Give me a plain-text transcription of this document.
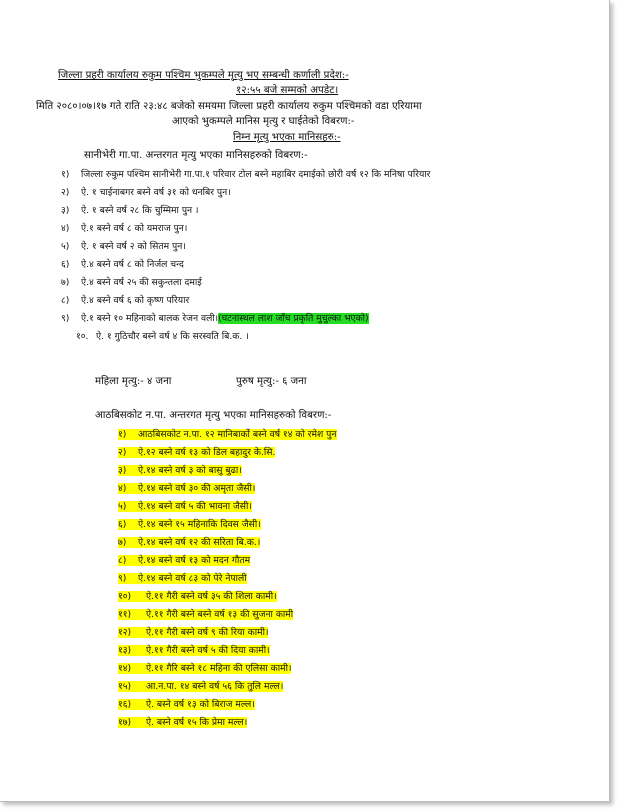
जिल्ला प्रहरी कार्यालय रुकुम पश्चिम भुकम्पले मृत्यु भए सम्बन्धी कर्णाली प्रदेश:-
१२:५५ बजे सम्मको अपडेट।
मिति २०८०।०७।१७ गते राति २३:४८ बजेको समयमा जिल्ला प्रहरी कार्यालय रुकुम पश्चिमको वडा एरियामा
आएको भुकम्पले मानिस मृत्यु र घाईतेको विबरण:-
निम्न मृत्यु भएका मानिसहरु:-
सानीभेरी गा.पा. अन्तरगत मृत्यु भएका मानिसहरुको विबरण:-
१) जिल्ला रुकुम पश्चिम सानीभेरी गा.पा.१ परिवार टोल बस्ने महाबिर दमाईको छोरी वर्ष १२ कि मनिषा परियार
२) ऐ. १ चाईनाबगर बस्ने वर्ष ३१ को धनबिर पुन।
३) ऐ. १ बस्ने वर्ष २८ कि चुम्मिमा पुन ।
४) ऐ.१ बस्ने वर्ष ८ को यमराज पुन।
५) ऐ. १ बस्ने वर्ष २ को सितम पुन।
६) ऐ.४ बस्ने वर्ष ८ को निर्जल चन्द
७) ऐ.४ बस्ने वर्ष २५ की सकुन्तला दमाई
८) ऐ.४ बस्ने वर्ष ६ को कृष्ण परियार
९) ऐ.१ बस्ने १० महिनाको बालक रेजन वली।(घटनास्थल लाश जाँच प्रकृति मुचुल्का भएको)
१०. ऐ. १ गुठिचौर बस्ने वर्ष ४ कि सरस्वति बि.क. ।
महिला मृत्यु:- ४ जना	पुरुष मृत्यु:- ६ जना
आठबिसकोट न.पा. अन्तरगत मृत्यु भएका मानिसहरुको विबरण:-
१) आठबिसकोट न.पा. १२ मानिबार्को बस्ने वर्ष १४ को रमेश पुन
२) ऐ.१२ बस्ने वर्ष १३ को डिल बहादुर के.सि.
३) ऐ.१४ बस्ने वर्ष ३ को बासु बुढा।
४) ऐ.१४ बस्ने वर्ष ३० की अमृता जैसी।
५) ऐ.१४ बस्ने वर्ष ५ की भावना जैसी।
६) ऐ.१४ बस्ने १५ महिनाकि दिवस जैसी।
७) ऐ.१४ बस्ने वर्ष १२ की सरिता बि.क.।
८) ऐ.१४ बस्ने वर्ष १३ को मदन गौतम
९) ऐ.१४ बस्ने वर्ष ८३ को पेरे नेपाली
१०) ऐ.११ गैरी बस्ने वर्ष ३५ की शिला कामी।
११) ऐ.११ गैरी बस्ने बस्ने वर्ष १३ की सुजना कामी
१२) ऐ.११ गैरी बस्ने वर्ष ९ की रिया कामी।
१३) ऐ.११ गैरी बस्ने वर्ष ५ की दिया कामी।
१४) ऐ.११ गैरि बस्ने १८ महिना की एलिसा कामी।
१५) आ.न.पा. १४ बस्ने वर्ष ५६ कि तुलि मल्ल।
१६) ऐ. बस्ने वर्ष १३ को बिराज मल्ल।
१७) ऐ. बस्ने वर्ष १५ कि प्रेमा मल्ल।
